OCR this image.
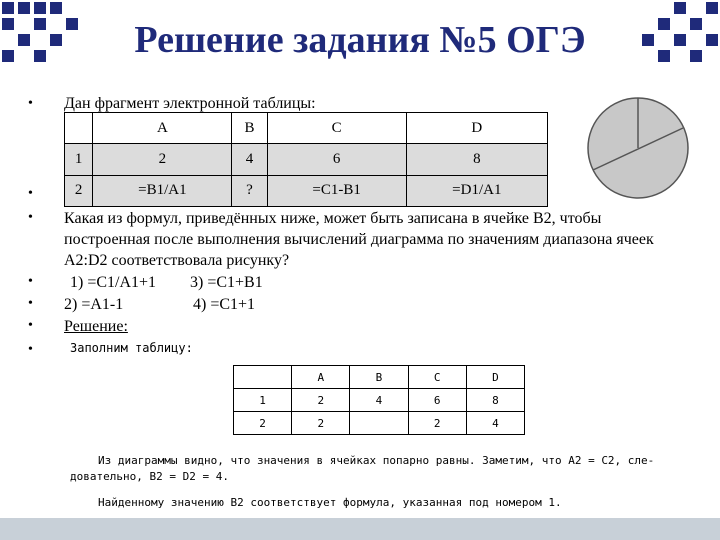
Решение задания №5 ОГЭ
• Дан фрагмент электронной таблицы:
	A	B	C	D
1	2	4	6	8
2	=B1/A1	?	=C1-B1	=D1/A1
•
• Какая из формул, приведённых ниже, может быть записана в ячейке B2, чтобы
построенная после выполнения вычислений диаграмма по значениям диапазона ячеек
A2:D2 соответствовала рисунку?
• 1) =C1/A1+1 3) =C1+B1
• 2) =A1-1	4) =C1+1
• Решение:
•	Заполним таблицу:
	A	B	C	D
1	2	4	6	8
2	2		2	4
Из диаграммы видно, что значения в ячейках попарно равны. Заметим, что A2 = C2, сле-
довательно, B2 = D2 = 4.
Найденному значению B2 соответствует формула, указанная под номером 1.
